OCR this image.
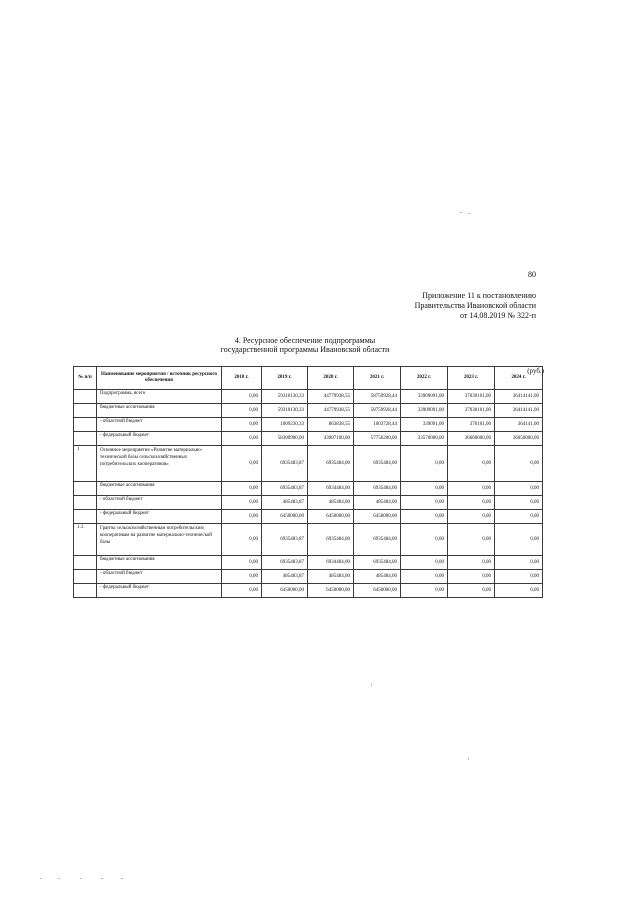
80
Приложение 11 к постановлению
Правительства Ивановской области
от 14.08.2019 № 322-п
4. Ресурсное обеспечение подпрограммы
государственной программы Ивановской области
(руб.)
№ п/п	Наименование мероприятия / источник ресурсного обеспечения	2018 г.	2019 г.	2020 г.	2021 г.	2022 г.	2023 г.	2024 г.
	Подпрограмма, всего	0,00	59310130,33	44779938,55	58759928,44	33909091,00	37030101,00	36414141,00
	бюджетные ассигнования	0,00	59310130,33	44779938,55	58759928,44	33909091,00	37030101,00	36414141,00
	- областной бюджет	0,00	1009230,33	863838,55	1003728,44	339091,00	370101,00	364141,00
	- федеральный бюджет	0,00	58300900,00	43907100,00	57756200,00	33570000,00	36660000,00	36050000,00
1	Основное мероприятие «Развитие материально-технической базы сельскохозяйственных потребительских кооперативов»	0,00	6935483,87	6935484,00	6935484,00	0,00	0,00	0,00
	бюджетные ассигнования	0,00	6935483,87	6934484,00	6935484,00	0,00	0,00	0,00
	- областной бюджет	0,00	485483,87	485484,00	485484,00	0,00	0,00	0,00
	- федеральный бюджет	0,00	6450000,00	6450000,00	6450000,00	0,00	0,00	0,00
1.1.	Гранты сельскохозяйственным потребительским кооперативам на развитие материально-технической базы	0,00	6935483,87	6935484,00	6935484,00	0,00	0,00	0,00
	бюджетные ассигнования	0,00	6935483,87	6934484,00	6935484,00	0,00	0,00	0,00
	- областной бюджет	0,00	485483,87	485484,00	485484,00	0,00	0,00	0,00
	- федеральный бюджет	0,00	6450000,00	6450000,00	6450000,00	0,00	0,00	0,00
